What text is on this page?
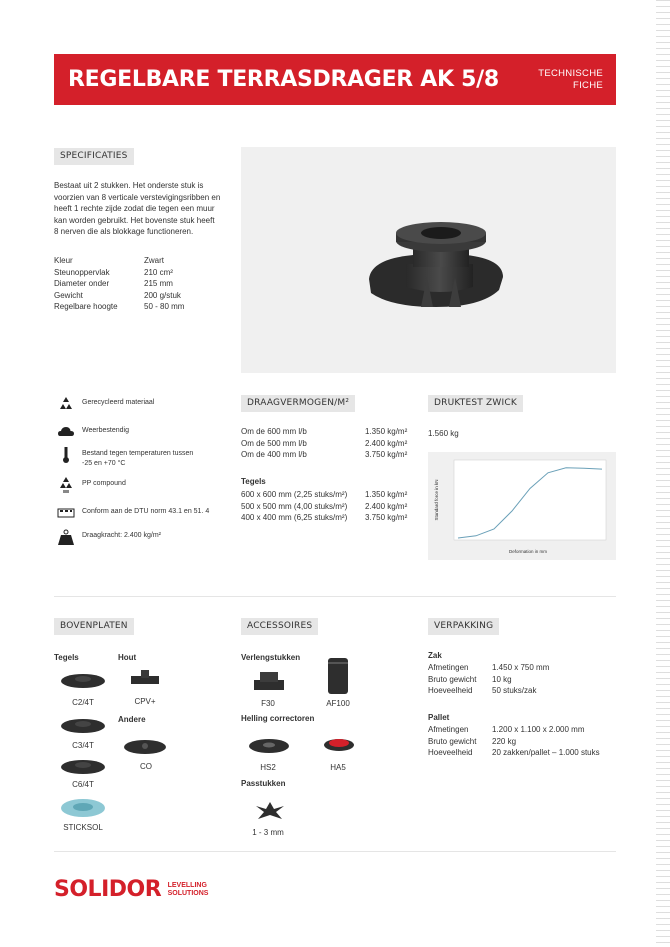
REGELBARE TERRASDRAGER AK 5/8	TECHNISCHE
FICHE
SPECIFICATIES
Bestaat uit 2 stukken. Het onderste stuk is
voorzien van 8 verticale verstevigingsribben en
heeft 1 rechte zijde zodat die tegen een muur
kan worden gebruikt. Het bovenste stuk heeft
8 nerven die als blokkage functioneren.
Kleur	Zwart
Steunoppervlak	210 cm²
Diameter onder	215 mm
Gewicht	200 g/stuk
Regelbare hoogte	50 - 80 mm
Gerecycleerd materiaal
Weerbestendig
Bestand tegen temperaturen tussen
-25 en +70 °C
PP compound
Conform aan de DTU norm 43.1 en 51. 4
Draagkracht: 2.400 kg/m²
DRAAGVERMOGEN/M²
Om de 600 mm l/b	1.350 kg/m²
Om de 500 mm l/b	2.400 kg/m²
Om de 400 mm l/b	3.750 kg/m²
Tegels
600 x 600 mm (2,25 stuks/m²) 1.350 kg/m²
500 x 500 mm (4,00 stuks/m²) 2.400 kg/m²
400 x 400 mm (6,25 stuks/m²) 3.750 kg/m²
DRUKTEST ZWICK
1.560 kg
Standard force in kN
Deformation in mm
BOVENPLATEN
Tegels	Hout
C2/4T
C3/4T
C6/4T
STICKSOL
CPV+
Andere
CO
ACCESSOIRES
Verlengstukken
F30	AF100
Helling correctoren
HS2	HA5
Passtukken
1 - 3 mm
VERPAKKING
Zak
Afmetingen	1.450 x 750 mm
Bruto gewicht 10 kg
Hoeveelheid 50 stuks/zak
Pallet
Afmetingen	1.200 x 1.100 x 2.000 mm
Bruto gewicht 220 kg
Hoeveelheid 20 zakken/pallet – 1.000 stuks
SOLIDOR LEVELLING
SOLUTIONS
